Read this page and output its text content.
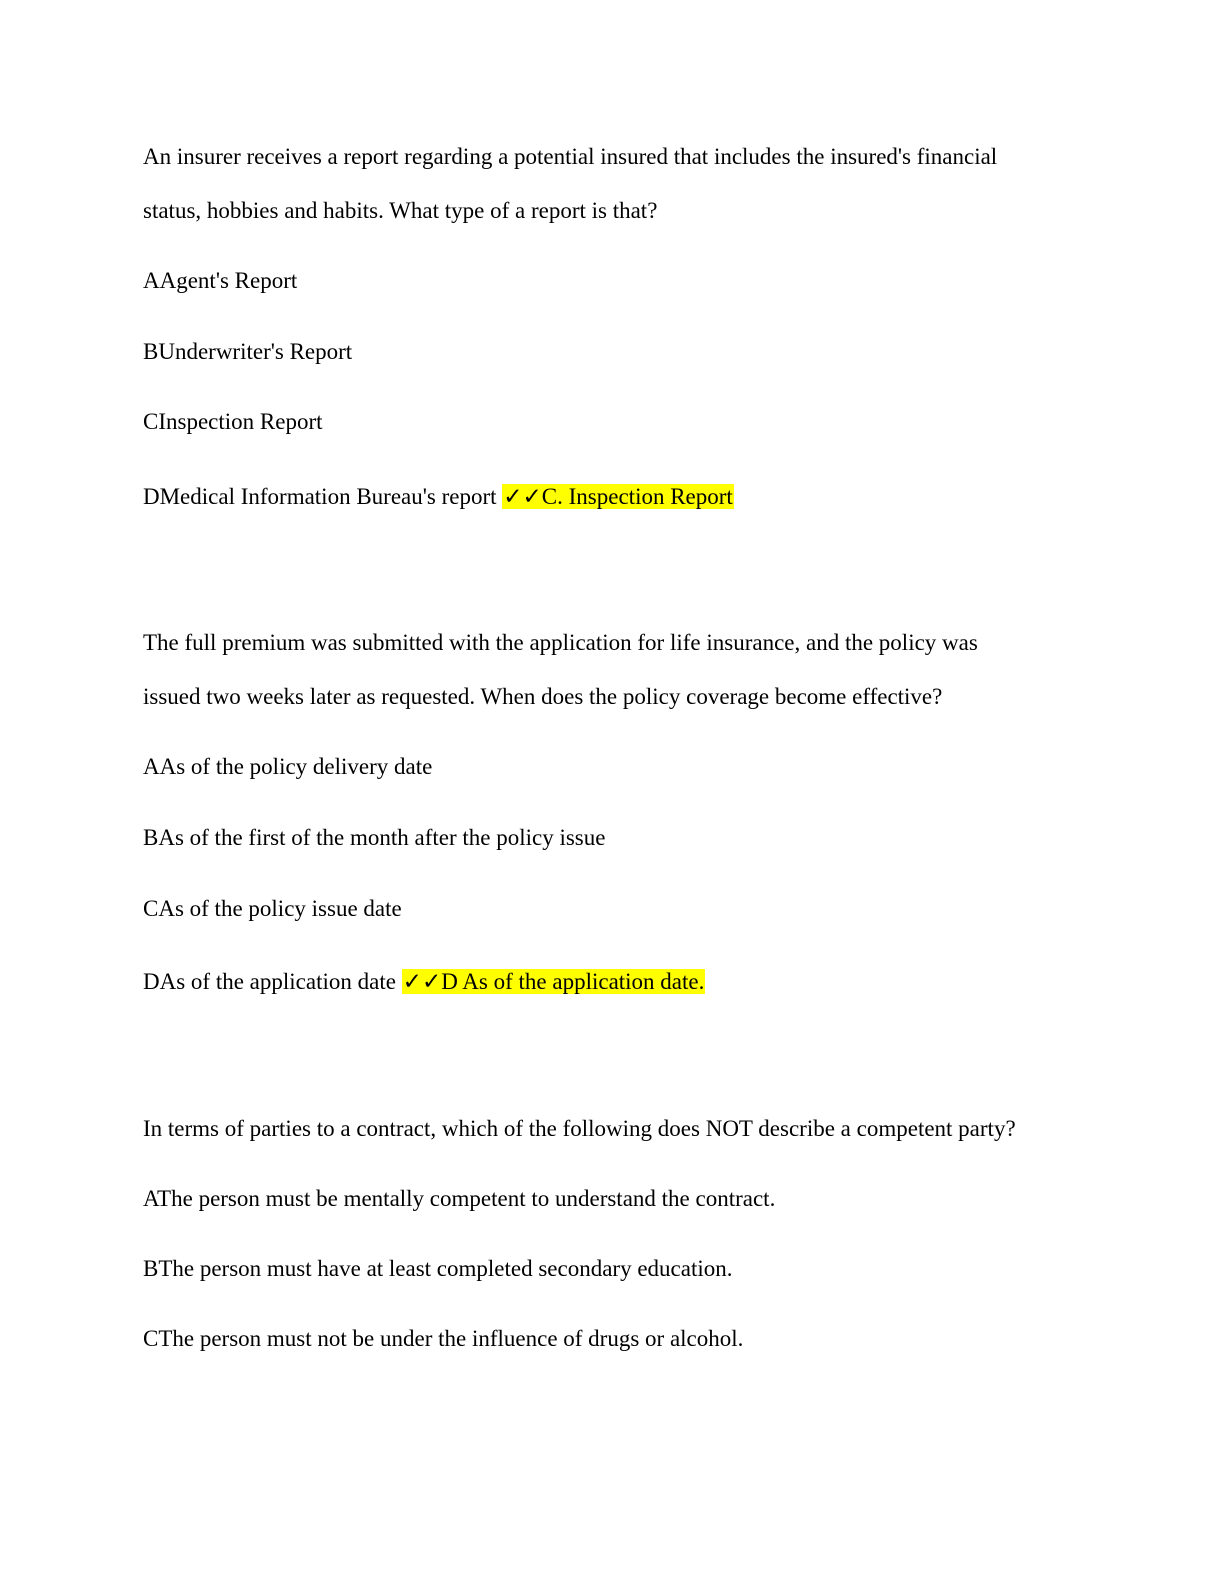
An insurer receives a report regarding a potential insured that includes the insured's financial
status, hobbies and habits. What type of a report is that?
AAgent's Report
BUnderwriter's Report
CInspection Report
DMedical Information Bureau's report ✓✓C. Inspection Report
The full premium was submitted with the application for life insurance, and the policy was
issued two weeks later as requested. When does the policy coverage become effective?
AAs of the policy delivery date
BAs of the first of the month after the policy issue
CAs of the policy issue date
DAs of the application date ✓✓D As of the application date.
In terms of parties to a contract, which of the following does NOT describe a competent party?
AThe person must be mentally competent to understand the contract.
BThe person must have at least completed secondary education.
CThe person must not be under the influence of drugs or alcohol.
